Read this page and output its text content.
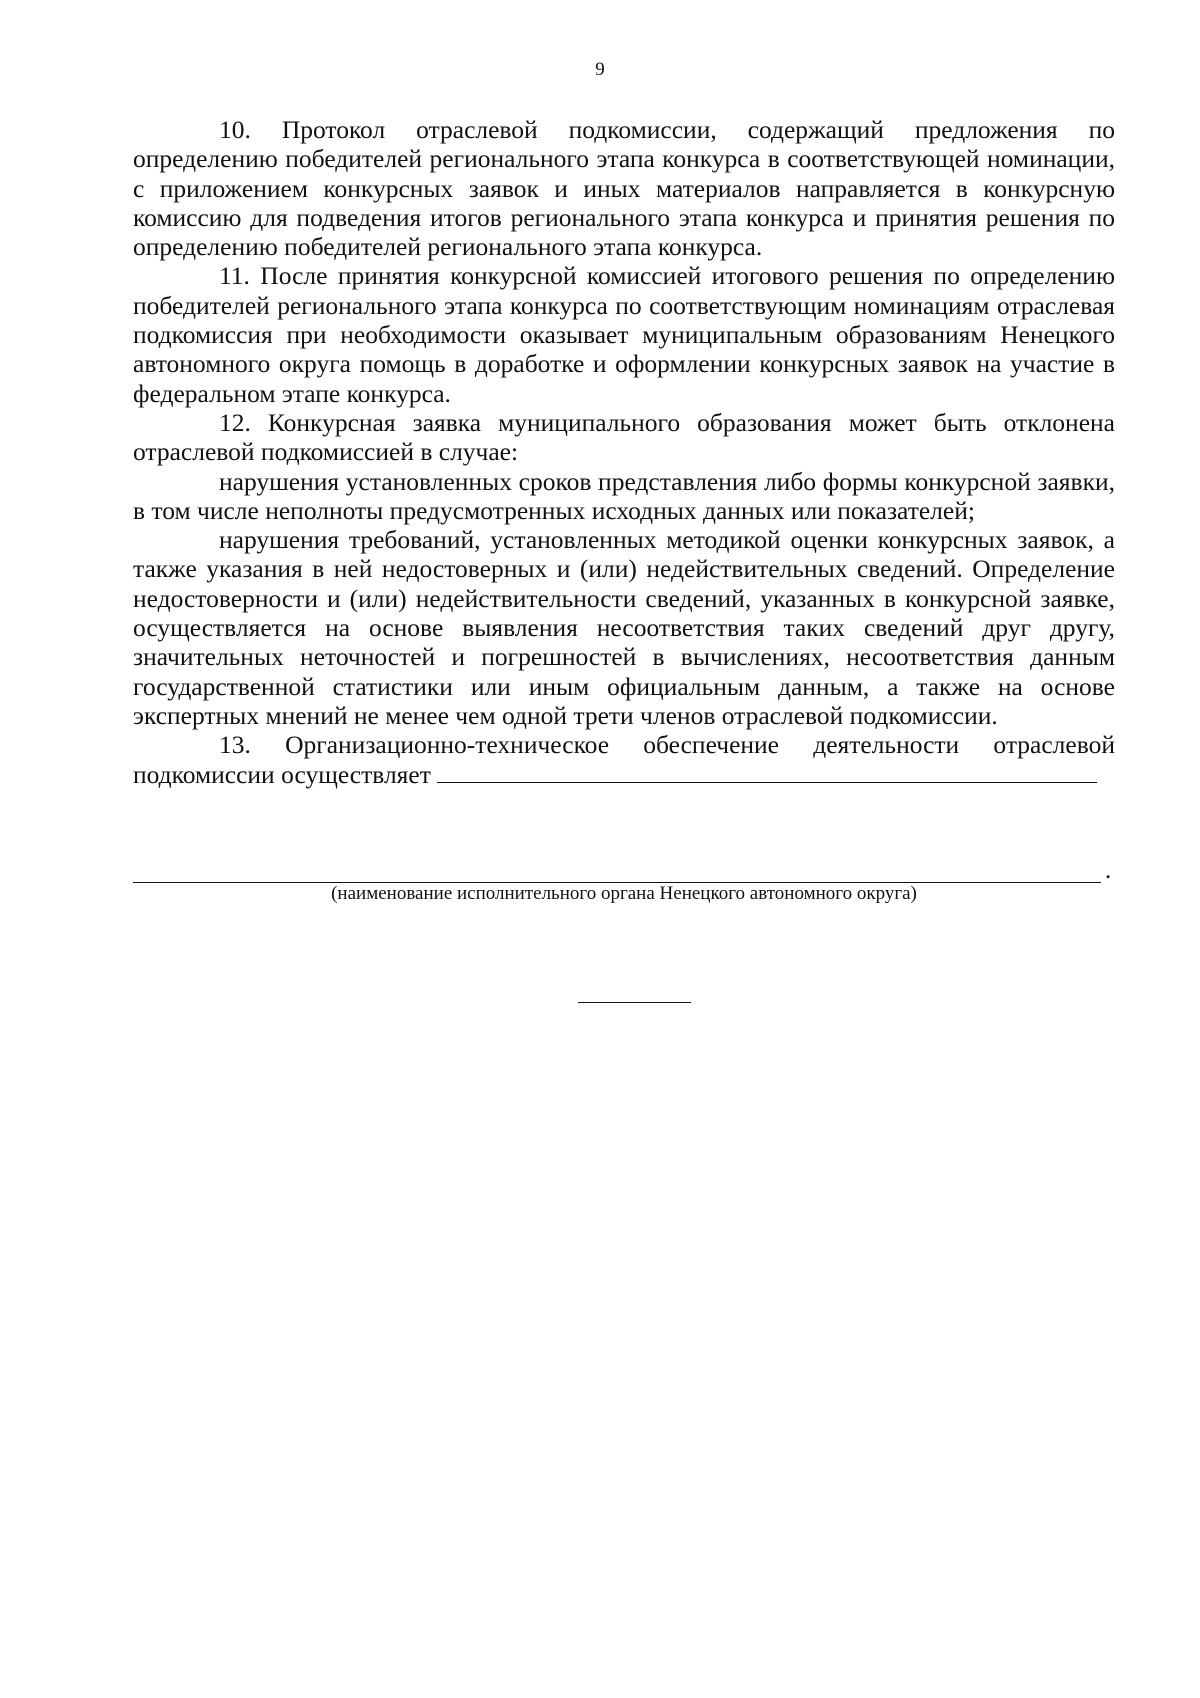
9

10. Протокол отраслевой подкомиссии, содержащий предложения по определению победителей регионального этапа конкурса в соответствующей номинации, с приложением конкурсных заявок и иных материалов направляется в конкурсную комиссию для подведения итогов регионального этапа конкурса и принятия решения по определению победителей регионального этапа конкурса.

11. После принятия конкурсной комиссией итогового решения по определению победителей регионального этапа конкурса по соответствующим номинациям отраслевая подкомиссия при необходимости оказывает муниципальным образованиям Ненецкого автономного округа помощь в доработке и оформлении конкурсных заявок на участие в федеральном этапе конкурса.

12. Конкурсная заявка муниципального образования может быть отклонена отраслевой подкомиссией в случае:

нарушения установленных сроков представления либо формы конкурсной заявки, в том числе неполноты предусмотренных исходных данных или показателей;

нарушения требований, установленных методикой оценки конкурсных заявок, а также указания в ней недостоверных и (или) недействительных сведений. Определение недостоверности и (или) недействительности сведений, указанных в конкурсной заявке, осуществляется на основе выявления несоответствия таких сведений друг другу, значительных неточностей и погрешностей в вычислениях, несоответствия данным государственной статистики или иным официальным данным, а также на основе экспертных мнений не менее чем одной трети членов отраслевой подкомиссии.

13. Организационно-техническое обеспечение деятельности отраслевой подкомиссии осуществляет

.
(наименование исполнительного органа Ненецкого автономного округа)
